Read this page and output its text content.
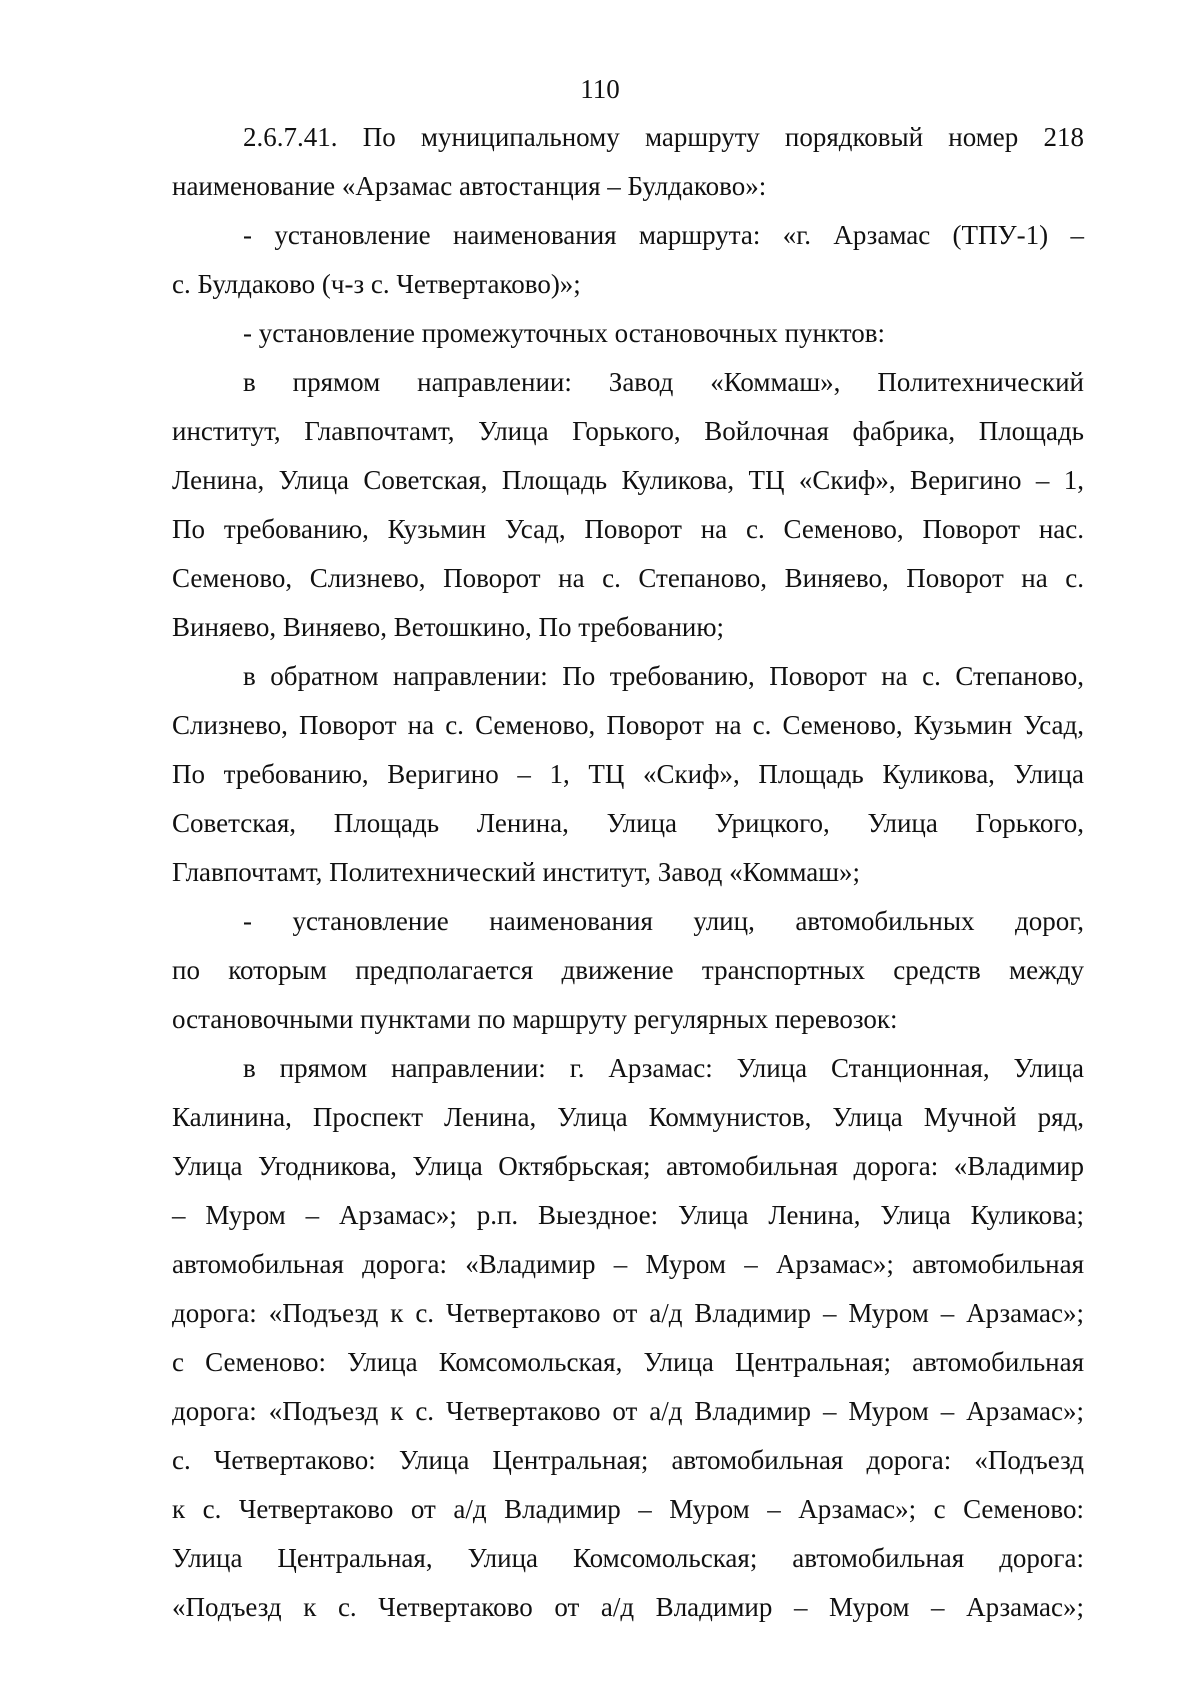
110
2.6.7.41. По муниципальному маршруту порядковый номер 218
наименование «Арзамас автостанция – Булдаково»:
- установление наименования маршрута: «г. Арзамас (ТПУ-1) –
с. Булдаково (ч-з с. Четвертаково)»;
- установление промежуточных остановочных пунктов:
в прямом направлении: Завод «Коммаш», Политехнический
институт, Главпочтамт, Улица Горького, Войлочная фабрика, Площадь
Ленина, Улица Советская, Площадь Куликова, ТЦ «Скиф», Веригино – 1,
По требованию, Кузьмин Усад, Поворот на с. Семеново, Поворот нас.
Семеново, Слизнево, Поворот на с. Степаново, Виняево, Поворот на с.
Виняево, Виняево, Ветошкино, По требованию;
в обратном направлении: По требованию, Поворот на с. Степаново,
Слизнево, Поворот на с. Семеново, Поворот на с. Семеново, Кузьмин Усад,
По требованию, Веригино – 1, ТЦ «Скиф», Площадь Куликова, Улица
Советская, Площадь Ленина, Улица Урицкого, Улица Горького,
Главпочтамт, Политехнический институт, Завод «Коммаш»;
- установление наименования улиц, автомобильных дорог,
по которым предполагается движение транспортных средств между
остановочными пунктами по маршруту регулярных перевозок:
в прямом направлении: г. Арзамас: Улица Станционная, Улица
Калинина, Проспект Ленина, Улица Коммунистов, Улица Мучной ряд,
Улица Угодникова, Улица Октябрьская; автомобильная дорога: «Владимир
– Муром – Арзамас»; р.п. Выездное: Улица Ленина, Улица Куликова;
автомобильная дорога: «Владимир – Муром – Арзамас»; автомобильная
дорога: «Подъезд к с. Четвертаково от а/д Владимир – Муром – Арзамас»;
с Семеново: Улица Комсомольская, Улица Центральная; автомобильная
дорога: «Подъезд к с. Четвертаково от а/д Владимир – Муром – Арзамас»;
с. Четвертаково: Улица Центральная; автомобильная дорога: «Подъезд
к с. Четвертаково от а/д Владимир – Муром – Арзамас»; с Семеново:
Улица Центральная, Улица Комсомольская; автомобильная дорога:
«Подъезд к с. Четвертаково от а/д Владимир – Муром – Арзамас»;
